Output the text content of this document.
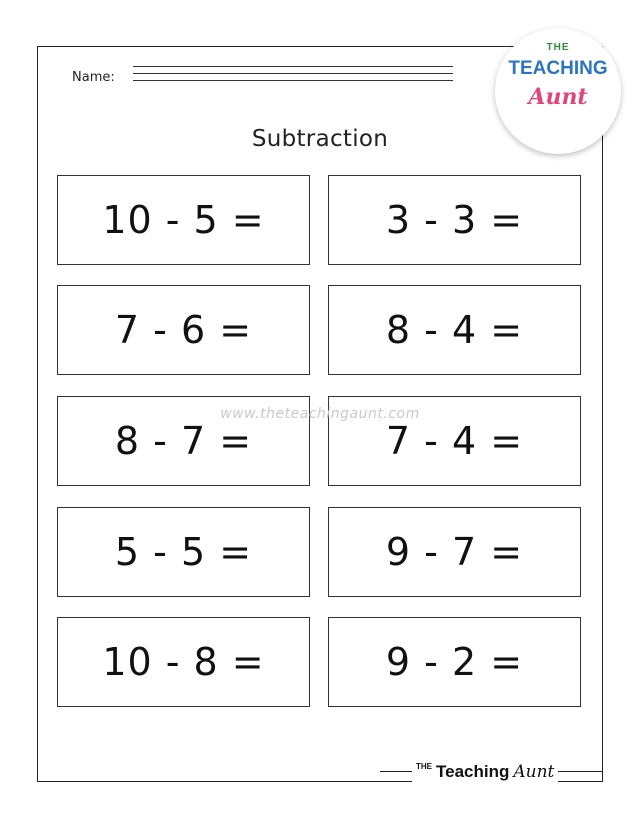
Name:
THE
TEACHING
Aunt
Subtraction
10 - 5 =	3 - 3 =
7 - 6 =	8 - 4 =
8 - 7 =	7 - 4 =
5 - 5 =	9 - 7 =
10 - 8 =	9 - 2 =
www.theteachingaunt.com
THE Teaching Aunt
